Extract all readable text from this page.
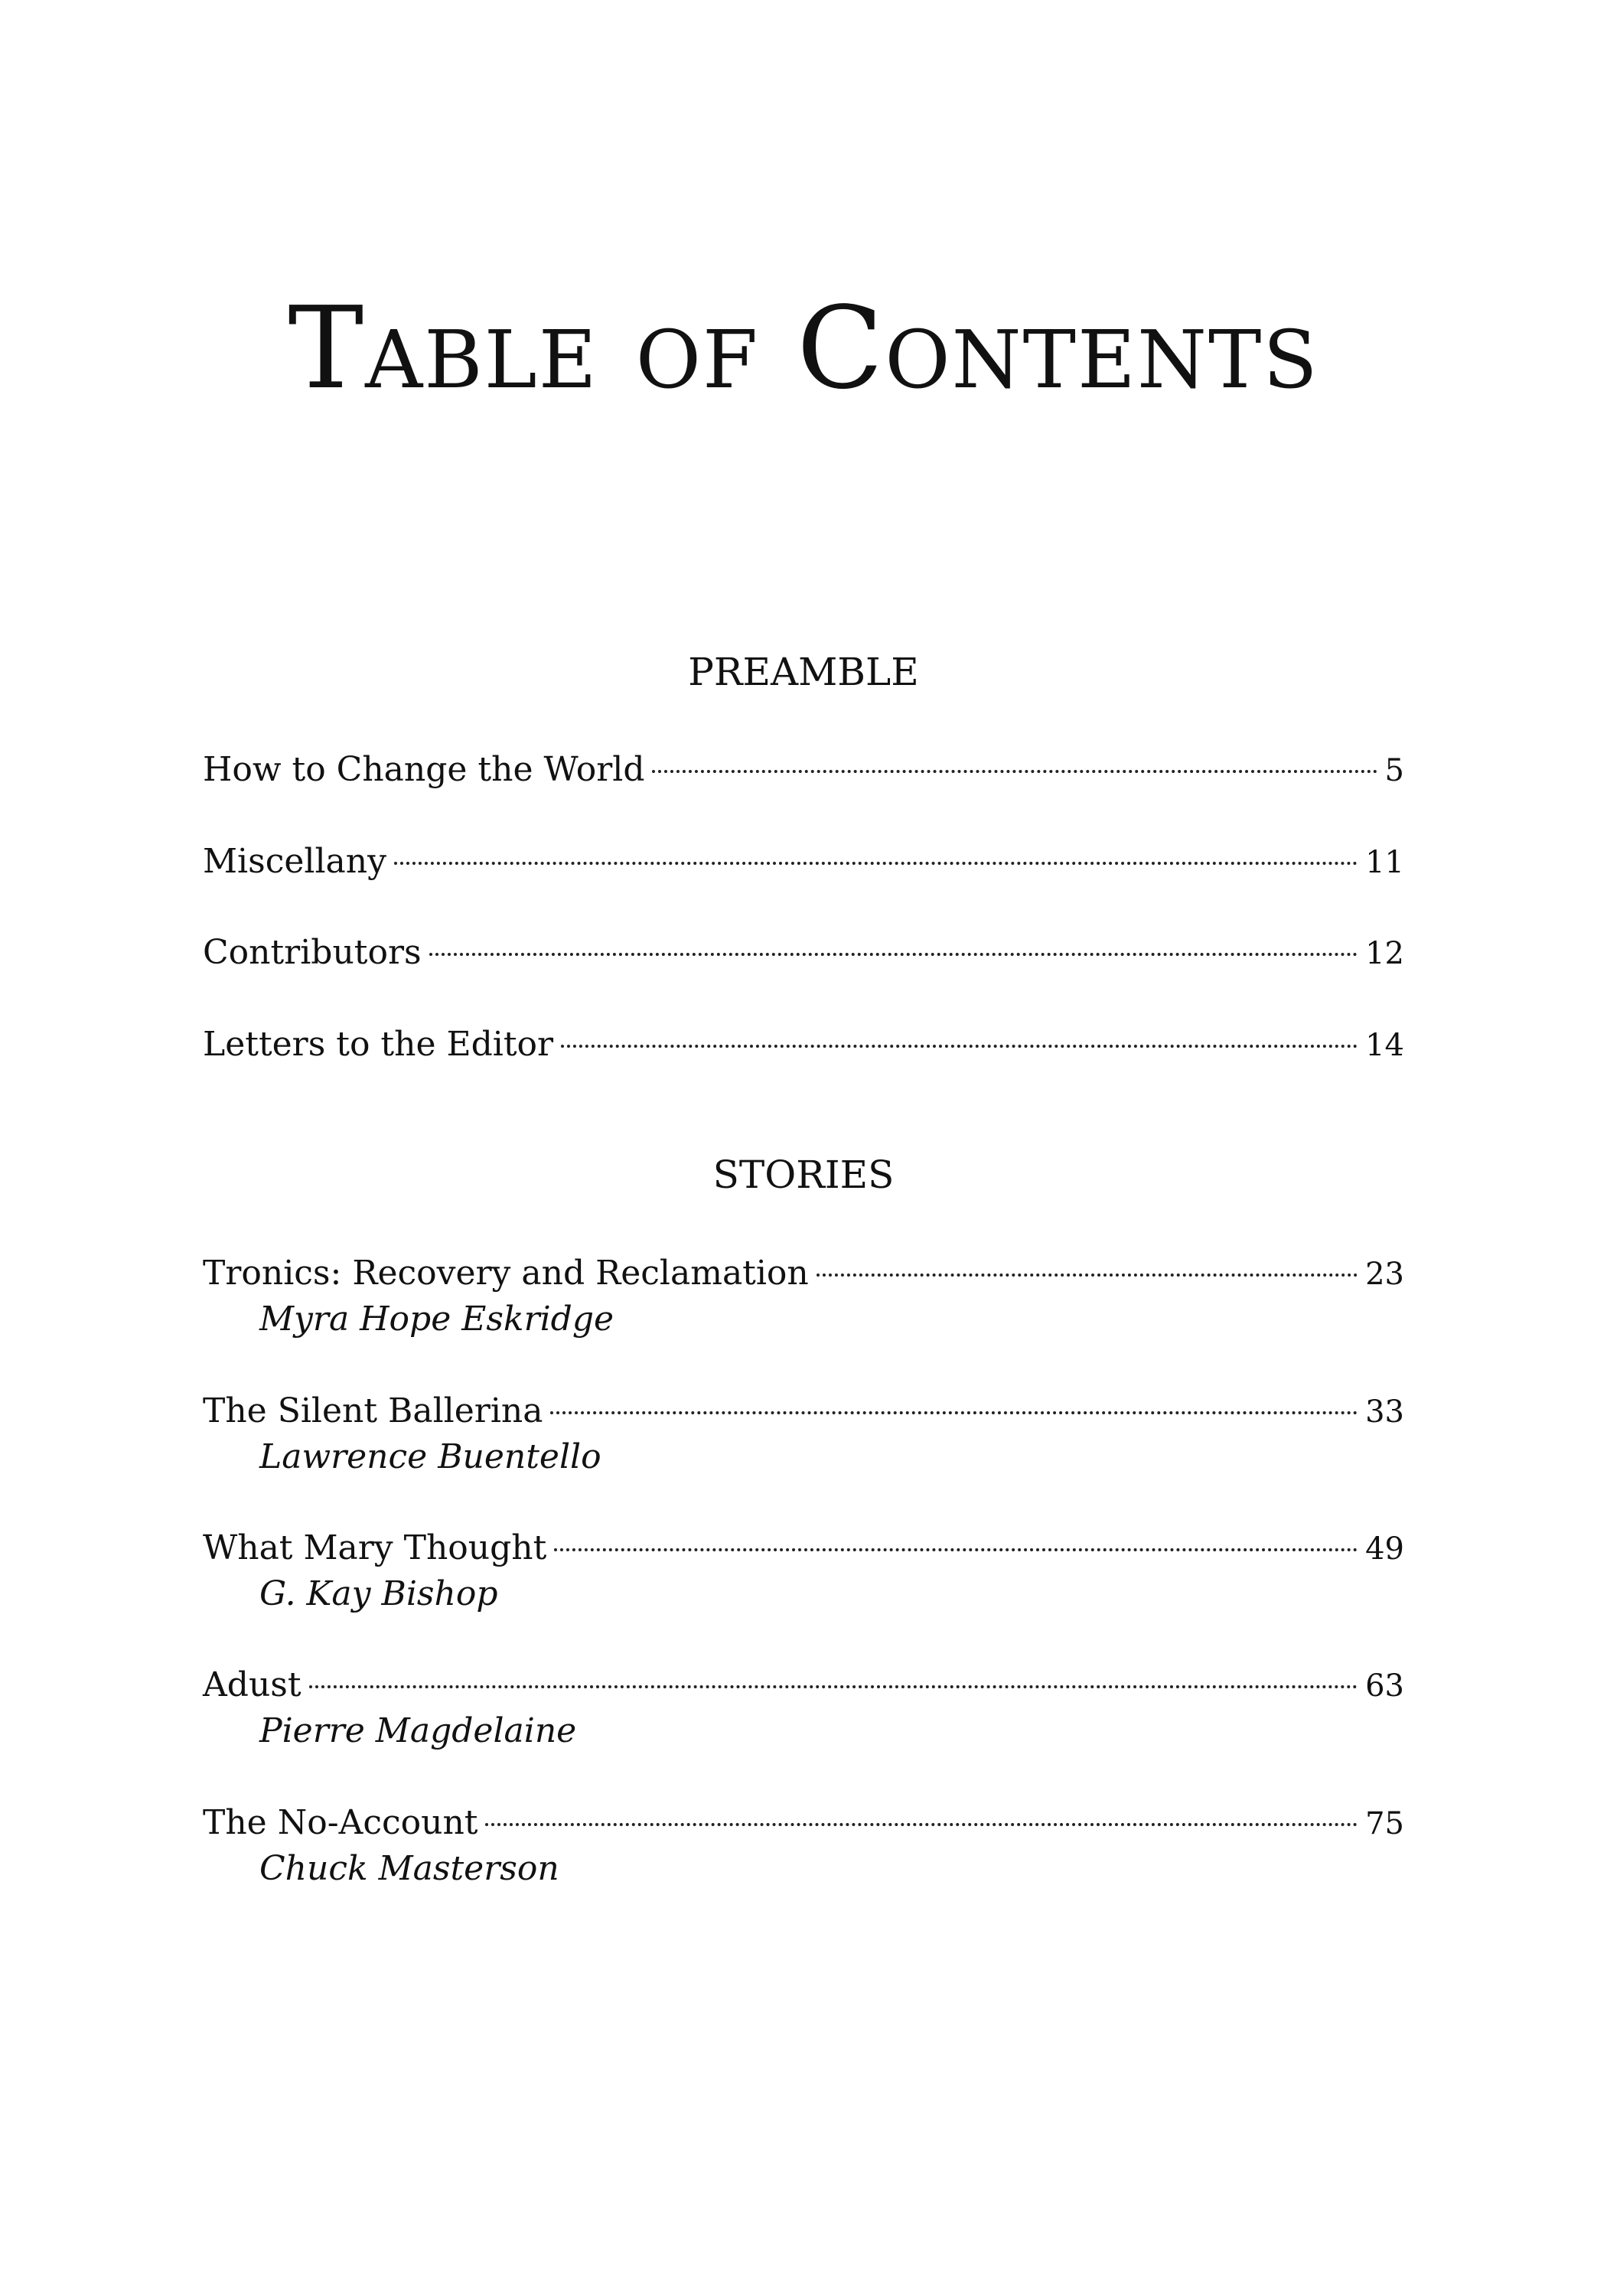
Table of Contents
PREAMBLE
How to Change the World	5
Miscellany	11
Contributors	12
Letters to the Editor	14
STORIES
Tronics: Recovery and Reclamation	23
Myra Hope Eskridge
The Silent Ballerina	33
Lawrence Buentello
What Mary Thought	49
G. Kay Bishop
Adust	63
Pierre Magdelaine
The No-Account	75
Chuck Masterson
